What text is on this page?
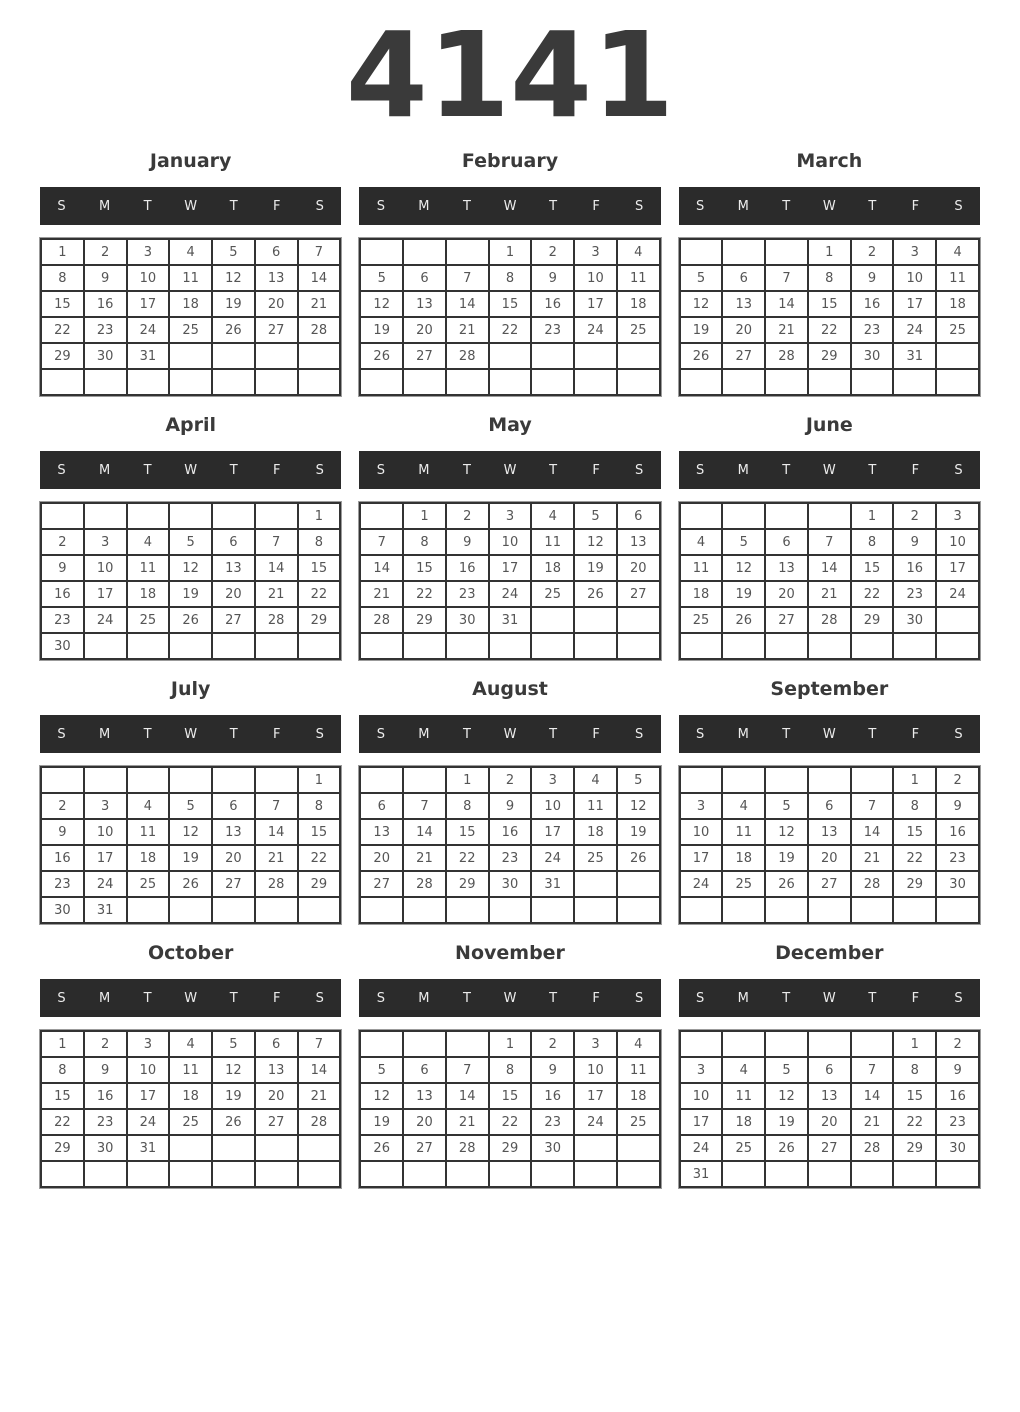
4141
January
S	M	T	W	T	F	S
1	2	3	4	5	6	7
8	9	10	11	12	13	14
15	16	17	18	19	20	21
22	23	24	25	26	27	28
29	30	31				

February
S	M	T	W	T	F	S
			1	2	3	4
5	6	7	8	9	10	11
12	13	14	15	16	17	18
19	20	21	22	23	24	25
26	27	28				

March
S	M	T	W	T	F	S
			1	2	3	4
5	6	7	8	9	10	11
12	13	14	15	16	17	18
19	20	21	22	23	24	25
26	27	28	29	30	31	

April
S	M	T	W	T	F	S
						1
2	3	4	5	6	7	8
9	10	11	12	13	14	15
16	17	18	19	20	21	22
23	24	25	26	27	28	29
30						
May
S	M	T	W	T	F	S
	1	2	3	4	5	6
7	8	9	10	11	12	13
14	15	16	17	18	19	20
21	22	23	24	25	26	27
28	29	30	31			

June
S	M	T	W	T	F	S
				1	2	3
4	5	6	7	8	9	10
11	12	13	14	15	16	17
18	19	20	21	22	23	24
25	26	27	28	29	30	

July
S	M	T	W	T	F	S
						1
2	3	4	5	6	7	8
9	10	11	12	13	14	15
16	17	18	19	20	21	22
23	24	25	26	27	28	29
30	31					
August
S	M	T	W	T	F	S
		1	2	3	4	5
6	7	8	9	10	11	12
13	14	15	16	17	18	19
20	21	22	23	24	25	26
27	28	29	30	31		

September
S	M	T	W	T	F	S
					1	2
3	4	5	6	7	8	9
10	11	12	13	14	15	16
17	18	19	20	21	22	23
24	25	26	27	28	29	30

October
S	M	T	W	T	F	S
1	2	3	4	5	6	7
8	9	10	11	12	13	14
15	16	17	18	19	20	21
22	23	24	25	26	27	28
29	30	31				

November
S	M	T	W	T	F	S
			1	2	3	4
5	6	7	8	9	10	11
12	13	14	15	16	17	18
19	20	21	22	23	24	25
26	27	28	29	30		

December
S	M	T	W	T	F	S
					1	2
3	4	5	6	7	8	9
10	11	12	13	14	15	16
17	18	19	20	21	22	23
24	25	26	27	28	29	30
31						
